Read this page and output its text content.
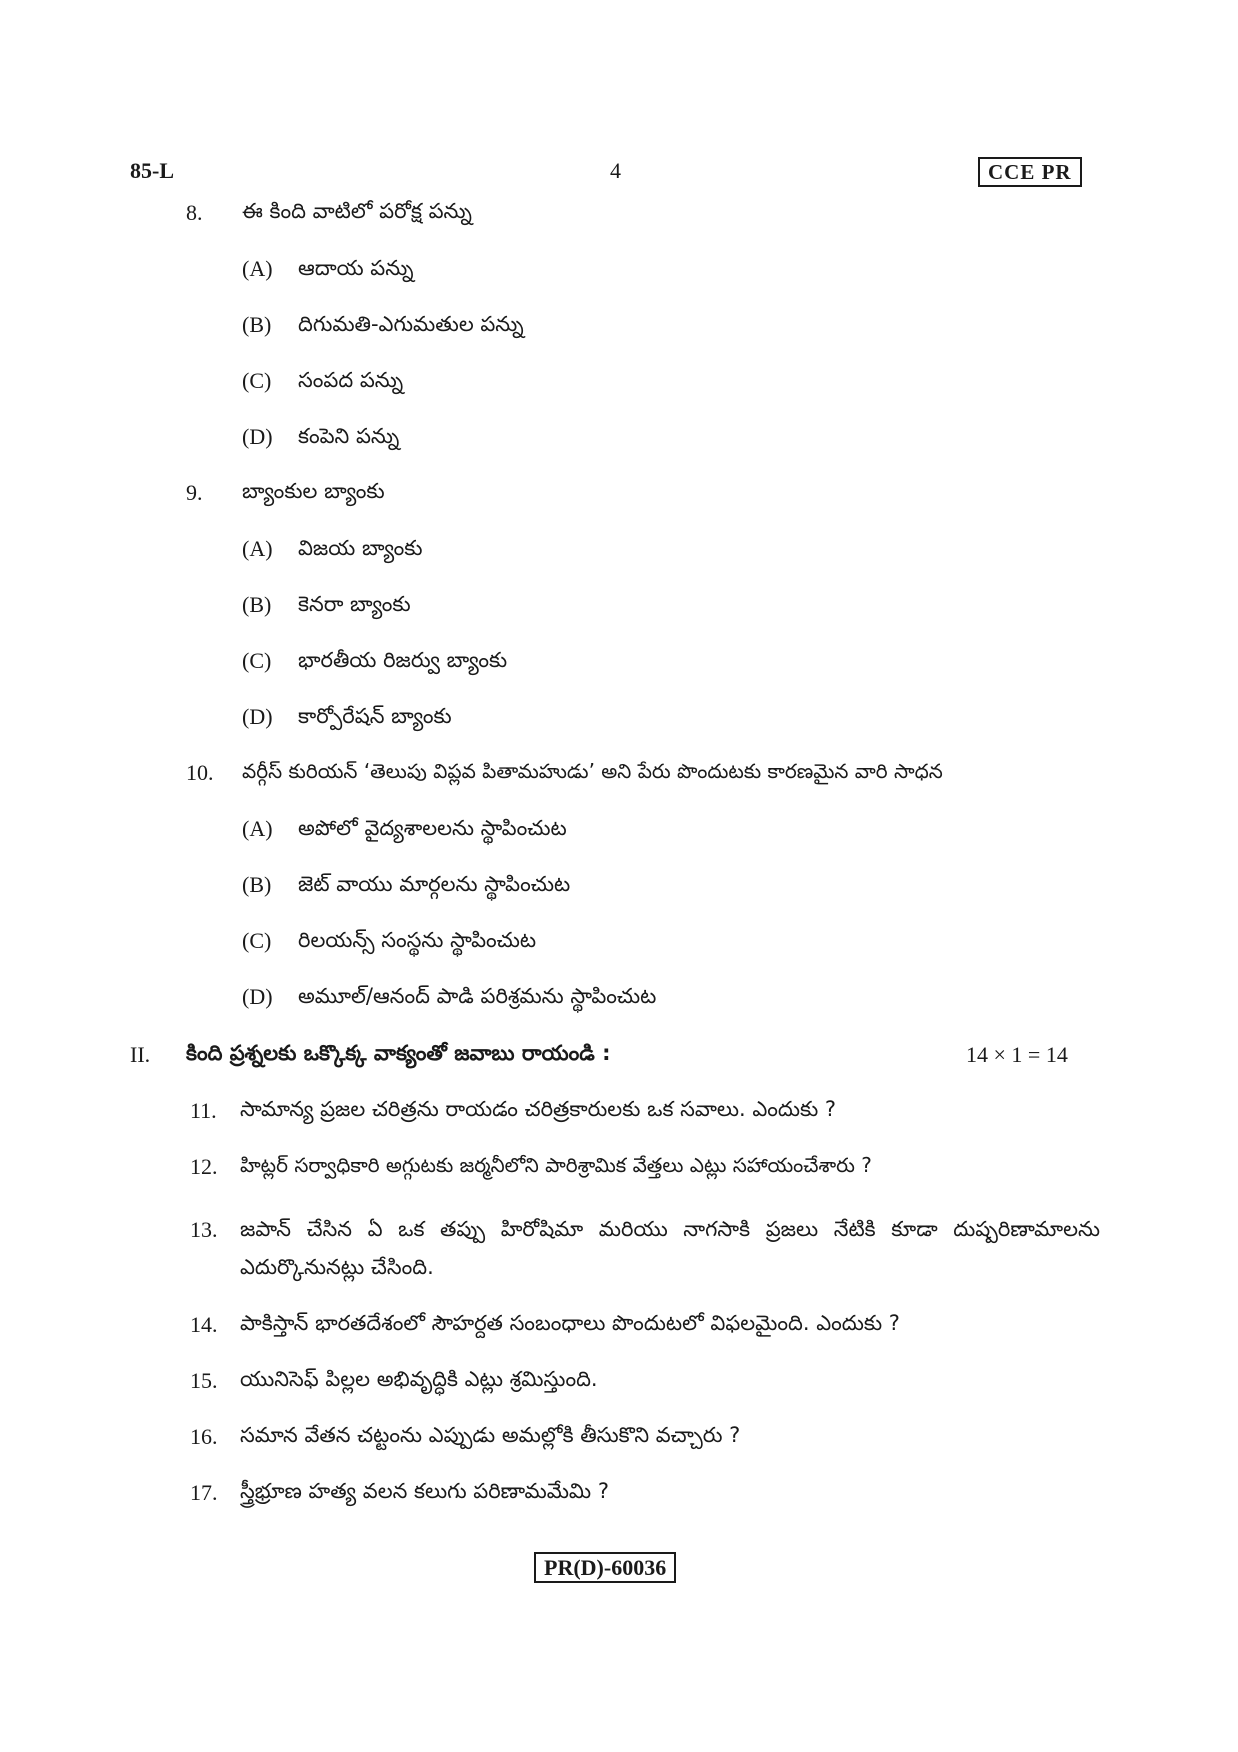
85-L	4	CCE PR
8. ఈ కింది వాటిలో పరోక్ష పన్ను
(A) ఆదాయ పన్ను
(B) దిగుమతి-ఎగుమతుల పన్ను
(C) సంపద పన్ను
(D) కంపెని పన్ను
9. బ్యాంకుల బ్యాంకు
(A) విజయ బ్యాంకు
(B) కెనరా బ్యాంకు
(C) భారతీయ రిజర్వు బ్యాంకు
(D) కార్పోరేషన్ బ్యాంకు
10. వర్గీస్ కురియన్ ‘తెలుపు విప్లవ పితామహుడు’ అని పేరు పొందుటకు కారణమైన వారి సాధన
(A) అపోలో వైద్యశాలలను స్థాపించుట
(B) జెట్ వాయు మార్గలను స్థాపించుట
(C) రిలయన్స్ సంస్థను స్థాపించుట
(D) అమూల్/ఆనంద్ పాడి పరిశ్రమను స్థాపించుట
II. కింది ప్రశ్నలకు ఒక్కొక్క వాక్యంతో జవాబు రాయండి :	14 × 1 = 14
11. సామాన్య ప్రజల చరిత్రను రాయడం చరిత్రకారులకు ఒక సవాలు. ఎందుకు ?
12. హిట్లర్ సర్వాధికారి అగ్గుటకు జర్మనీలోని పారిశ్రామిక వేత్తలు ఎట్లు సహాయంచేశారు ?
13. జపాన్ చేసిన ఏ ఒక తప్పు హిరోషిమా మరియు నాగసాకి ప్రజలు నేటికి కూడా దుష్పరిణామాలను ఎదుర్కొనునట్లు చేసింది.
14. పాకిస్తాన్ భారతదేశంలో సౌహర్దత సంబంధాలు పొందుటలో విఫలమైంది. ఎందుకు ?
15. యునిసెఫ్ పిల్లల అభివృద్ధికి ఎట్లు శ్రమిస్తుంది.
16. సమాన వేతన చట్టంను ఎప్పుడు అమల్లోకి తీసుకొని వచ్చారు ?
17. స్త్రీభ్రూణ హత్య వలన కలుగు పరిణామమేమి ?
PR(D)-60036
